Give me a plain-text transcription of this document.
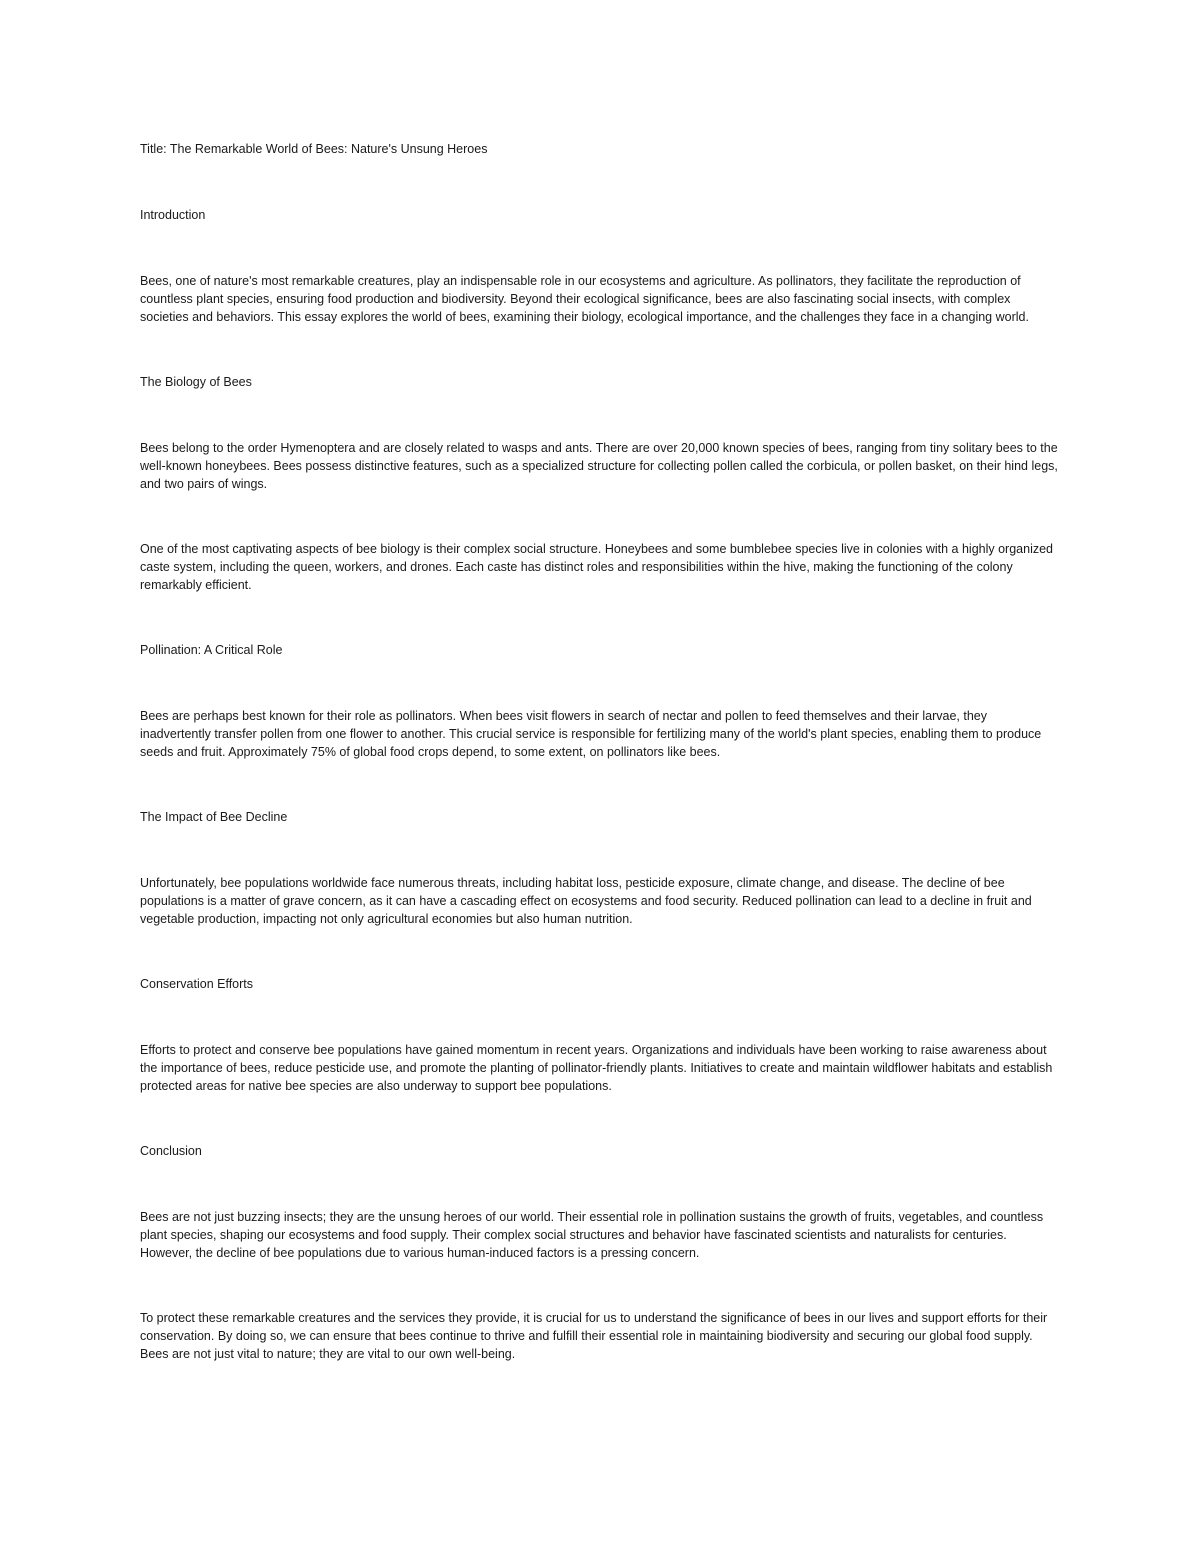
Title: The Remarkable World of Bees: Nature's Unsung Heroes

Introduction

Bees, one of nature's most remarkable creatures, play an indispensable role in our ecosystems and agriculture. As pollinators, they facilitate the reproduction of countless plant species, ensuring food production and biodiversity. Beyond their ecological significance, bees are also fascinating social insects, with complex societies and behaviors. This essay explores the world of bees, examining their biology, ecological importance, and the challenges they face in a changing world.

The Biology of Bees

Bees belong to the order Hymenoptera and are closely related to wasps and ants. There are over 20,000 known species of bees, ranging from tiny solitary bees to the well-known honeybees. Bees possess distinctive features, such as a specialized structure for collecting pollen called the corbicula, or pollen basket, on their hind legs, and two pairs of wings.

One of the most captivating aspects of bee biology is their complex social structure. Honeybees and some bumblebee species live in colonies with a highly organized caste system, including the queen, workers, and drones. Each caste has distinct roles and responsibilities within the hive, making the functioning of the colony remarkably efficient.

Pollination: A Critical Role

Bees are perhaps best known for their role as pollinators. When bees visit flowers in search of nectar and pollen to feed themselves and their larvae, they inadvertently transfer pollen from one flower to another. This crucial service is responsible for fertilizing many of the world's plant species, enabling them to produce seeds and fruit. Approximately 75% of global food crops depend, to some extent, on pollinators like bees.

The Impact of Bee Decline

Unfortunately, bee populations worldwide face numerous threats, including habitat loss, pesticide exposure, climate change, and disease. The decline of bee populations is a matter of grave concern, as it can have a cascading effect on ecosystems and food security. Reduced pollination can lead to a decline in fruit and vegetable production, impacting not only agricultural economies but also human nutrition.

Conservation Efforts

Efforts to protect and conserve bee populations have gained momentum in recent years. Organizations and individuals have been working to raise awareness about the importance of bees, reduce pesticide use, and promote the planting of pollinator-friendly plants. Initiatives to create and maintain wildflower habitats and establish protected areas for native bee species are also underway to support bee populations.

Conclusion

Bees are not just buzzing insects; they are the unsung heroes of our world. Their essential role in pollination sustains the growth of fruits, vegetables, and countless plant species, shaping our ecosystems and food supply. Their complex social structures and behavior have fascinated scientists and naturalists for centuries. However, the decline of bee populations due to various human-induced factors is a pressing concern.

To protect these remarkable creatures and the services they provide, it is crucial for us to understand the significance of bees in our lives and support efforts for their conservation. By doing so, we can ensure that bees continue to thrive and fulfill their essential role in maintaining biodiversity and securing our global food supply. Bees are not just vital to nature; they are vital to our own well-being.
